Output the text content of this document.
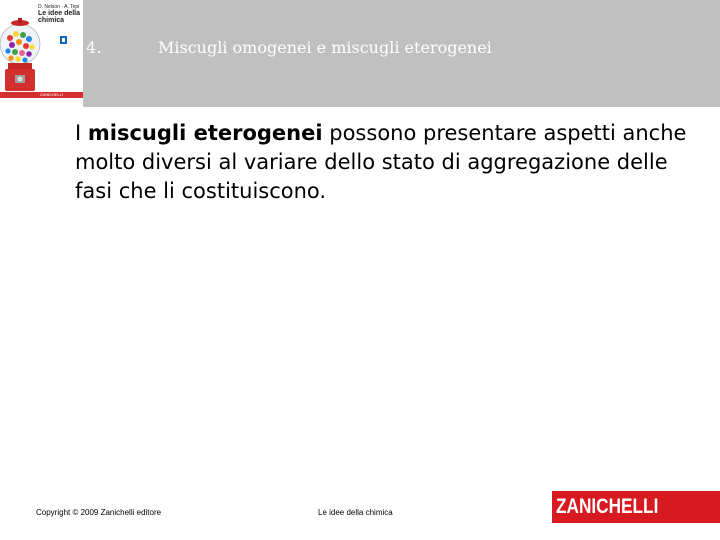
D. Nelson · A. Tepi
Le idee della
chimica
ZANICHELLI
4.	Miscugli omogenei e miscugli eterogenei
I miscugli eterogenei possono presentare aspetti anche molto diversi al variare dello stato di aggregazione delle fasi che li costituiscono.
Copyright © 2009 Zanichelli editore	Le idee della chimica	ZANICHELLI
